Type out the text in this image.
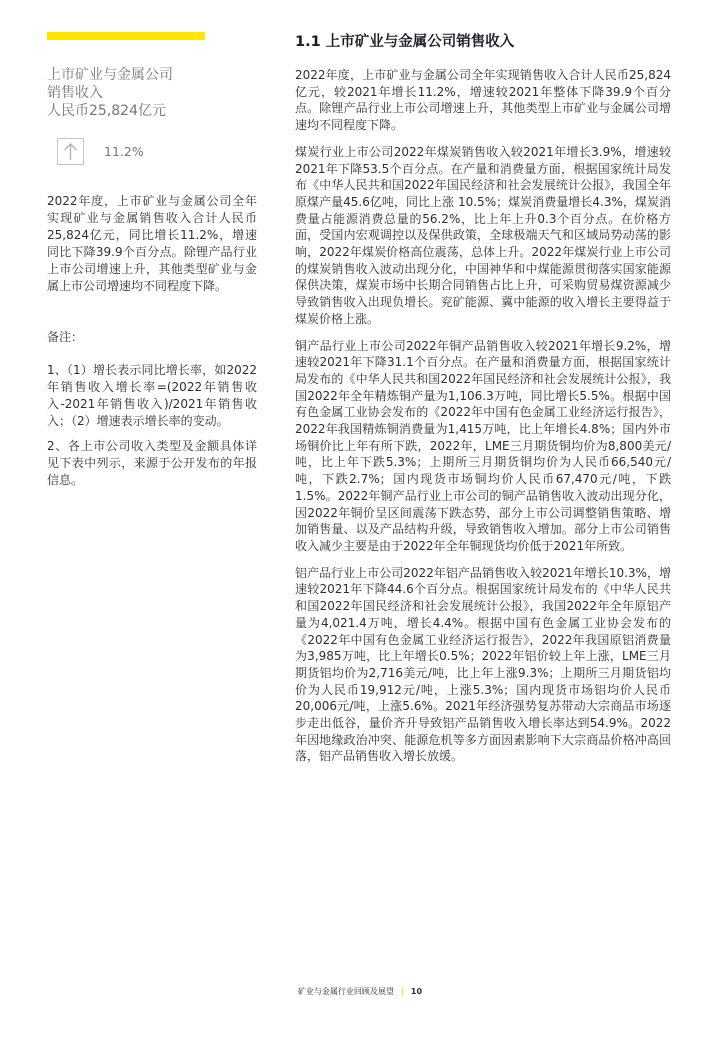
上市矿业与金属公司
销售收入
人民币25,824亿元
11.2%

2022年度，上市矿业与金属公司全年实现矿业与金属销售收入合计人民币25,824亿元，同比增长11.2%，增速同比下降39.9个百分点。除锂产品行业上市公司增速上升，其他类型矿业与金属上市公司增速均不同程度下降。

备注：

1、（1）增长表示同比增长率，如2022年销售收入增长率=(2022年销售收入-2021年销售收入)/2021年销售收入；（2）增速表示增长率的变动。

2、各上市公司收入类型及金额具体详见下表中列示，来源于公开发布的年报信息。

1.1 上市矿业与金属公司销售收入

2022年度，上市矿业与金属公司全年实现销售收入合计人民币25,824亿元，较2021年增长11.2%，增速较2021年整体下降39.9个百分点。除锂产品行业上市公司增速上升，其他类型上市矿业与金属公司增速均不同程度下降。

煤炭行业上市公司2022年煤炭销售收入较2021年增长3.9%，增速较2021年下降53.5个百分点。在产量和消费量方面，根据国家统计局发布《中华人民共和国2022年国民经济和社会发展统计公报》，我国全年原煤产量45.6亿吨，同比上涨 10.5%；煤炭消费量增长4.3%，煤炭消费量占能源消费总量的56.2%，比上年上升0.3个百分点。在价格方面，受国内宏观调控以及保供政策，全球极端天气和区域局势动荡的影响，2022年煤炭价格高位震荡，总体上升。2022年煤炭行业上市公司的煤炭销售收入波动出现分化，中国神华和中煤能源贯彻落实国家能源保供决策，煤炭市场中长期合同销售占比上升，可采购贸易煤资源减少导致销售收入出现负增长。兖矿能源、冀中能源的收入增长主要得益于煤炭价格上涨。

铜产品行业上市公司2022年铜产品销售收入较2021年增长9.2%，增速较2021年下降31.1个百分点。在产量和消费量方面，根据国家统计局发布的《中华人民共和国2022年国民经济和社会发展统计公报》，我国2022年全年精炼铜产量为1,106.3万吨，同比增长5.5%。根据中国有色金属工业协会发布的《2022年中国有色金属工业经济运行报告》，2022年我国精炼铜消费量为1,415万吨，比上年增长4.8%；国内外市场铜价比上年有所下跌，2022年，LME三月期货铜均价为8,800美元/吨，比上年下跌5.3%；上期所三月期货铜均价为人民币66,540元/吨，下跌2.7%；国内现货市场铜均价人民币67,470元/吨，下跌1.5%。2022年铜产品行业上市公司的铜产品销售收入波动出现分化，因2022年铜价呈区间震荡下跌态势，部分上市公司调整销售策略、增加销售量、以及产品结构升级，导致销售收入增加。部分上市公司销售收入减少主要是由于2022年全年铜现货均价低于2021年所致。

铝产品行业上市公司2022年铝产品销售收入较2021年增长10.3%，增速较2021年下降44.6个百分点。根据国家统计局发布的《中华人民共和国2022年国民经济和社会发展统计公报》，我国2022年全年原铝产量为4,021.4万吨，增长4.4%。根据中国有色金属工业协会发布的《2022年中国有色金属工业经济运行报告》，2022年我国原铝消费量为3,985万吨，比上年增长0.5%；2022年铝价较上年上涨，LME三月期货铝均价为2,716美元/吨，比上年上涨9.3%；上期所三月期货铝均价为人民币19,912元/吨，上涨5.3%；国内现货市场铝均价人民币20,006元/吨，上涨5.6%。2021年经济强势复苏带动大宗商品市场逐步走出低谷，量价齐升导致铝产品销售收入增长率达到54.9%。2022年因地缘政治冲突、能源危机等多方面因素影响下大宗商品价格冲高回落，铝产品销售收入增长放缓。

矿业与金属行业回顾及展望 10
